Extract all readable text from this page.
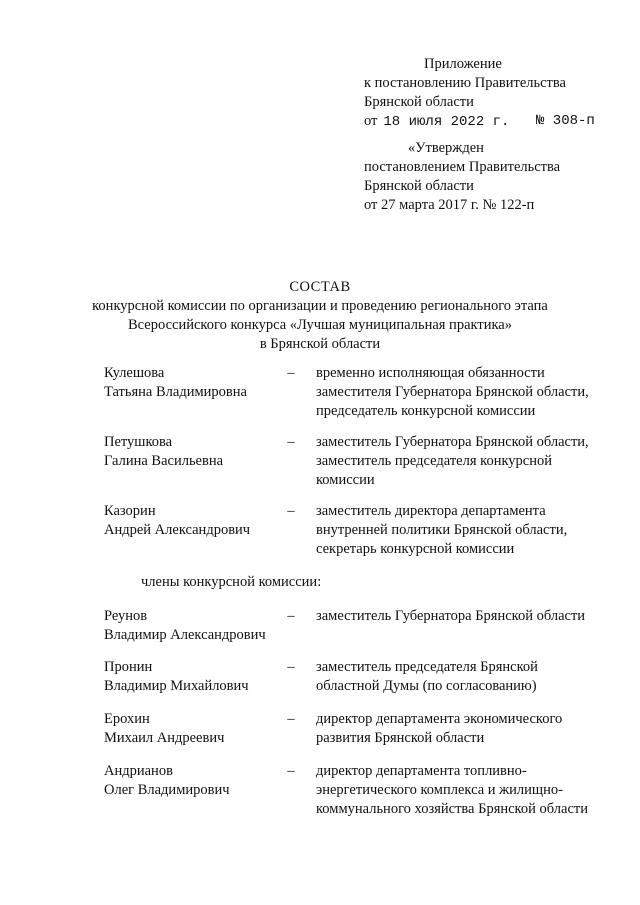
Приложение
к постановлению Правительства
Брянской области
от 18 июля 2022 г. № 308-п
«Утвержден
постановлением Правительства
Брянской области
от 27 марта 2017 г. № 122-п
СОСТАВ
конкурсной комиссии по организации и проведению регионального этапа
Всероссийского конкурса «Лучшая муниципальная практика»
в Брянской области
Кулешова
Татьяна Владимировна
– временно исполняющая обязанности
заместителя Губернатора Брянской области,
председатель конкурсной комиссии
Петушкова
Галина Васильевна
– заместитель Губернатора Брянской области,
заместитель председателя конкурсной
комиссии
Казорин
Андрей Александрович
– заместитель директора департамента
внутренней политики Брянской области,
секретарь конкурсной комиссии
члены конкурсной комиссии:
Реунов
Владимир Александрович
– заместитель Губернатора Брянской области
Пронин
Владимир Михайлович
– заместитель председателя Брянской
областной Думы (по согласованию)
Ерохин
Михаил Андреевич
– директор департамента экономического
развития Брянской области
Андрианов
Олег Владимирович
– директор департамента топливно-
энергетического комплекса и жилищно-
коммунального хозяйства Брянской области
